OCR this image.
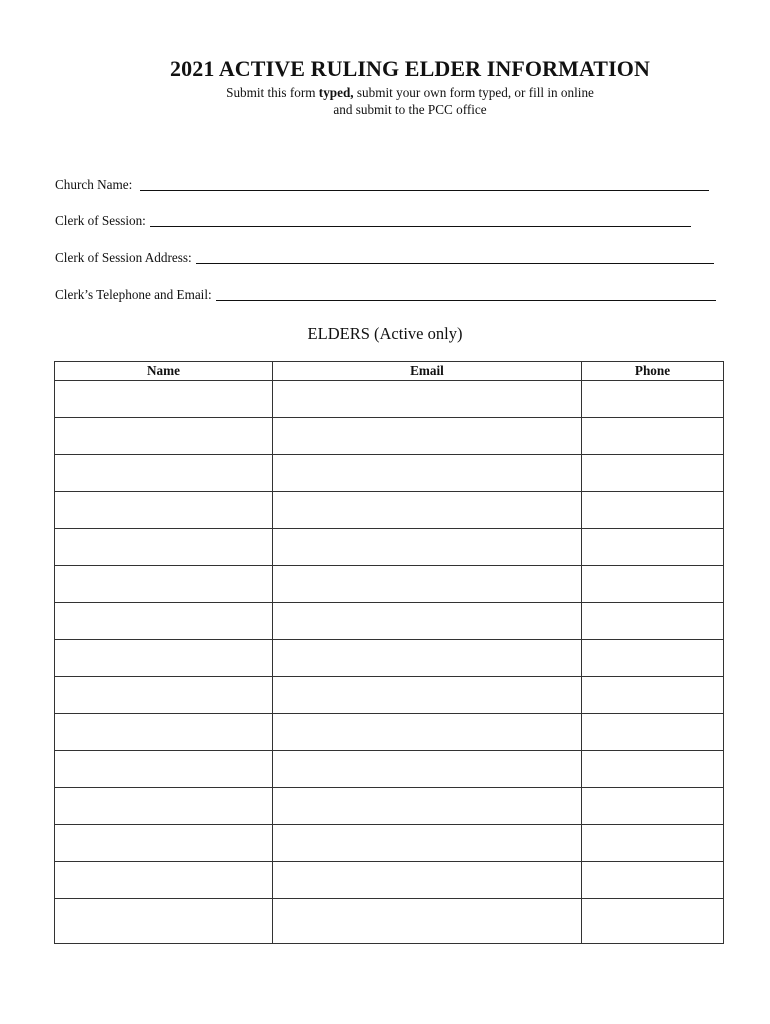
2021 ACTIVE RULING ELDER INFORMATION
Submit this form typed, submit your own form typed, or fill in online
and submit to the PCC office
Church Name:
Clerk of Session:
Clerk of Session Address:
Clerk’s Telephone and Email:
ELDERS (Active only)
Name	Email	Phone
